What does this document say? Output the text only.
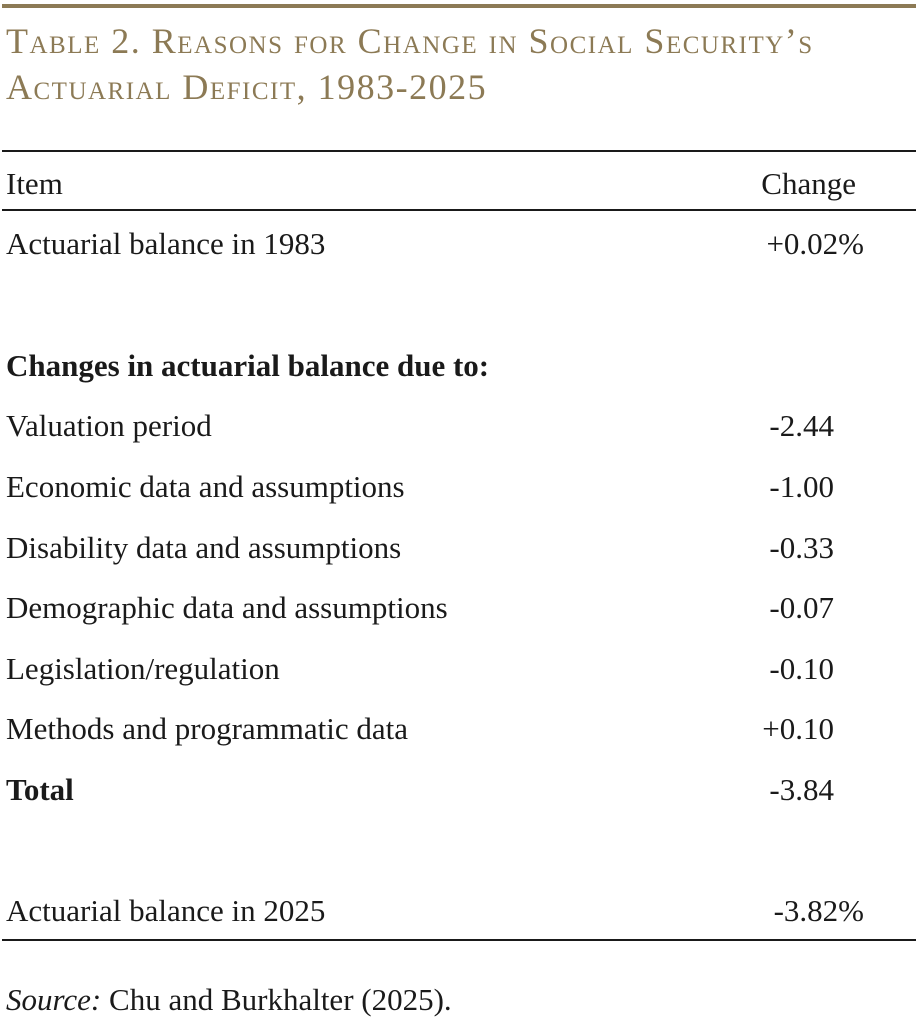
Table 2. Reasons for Change in Social Security’s
Actuarial Deficit, 1983-2025
Item	Change
Actuarial balance in 1983	+0.02%
Changes in actuarial balance due to:
Valuation period	-2.44
Economic data and assumptions	-1.00
Disability data and assumptions	-0.33
Demographic data and assumptions	-0.07
Legislation/regulation	-0.10
Methods and programmatic data	+0.10
Total	-3.84
Actuarial balance in 2025	-3.82%
Source: Chu and Burkhalter (2025).
